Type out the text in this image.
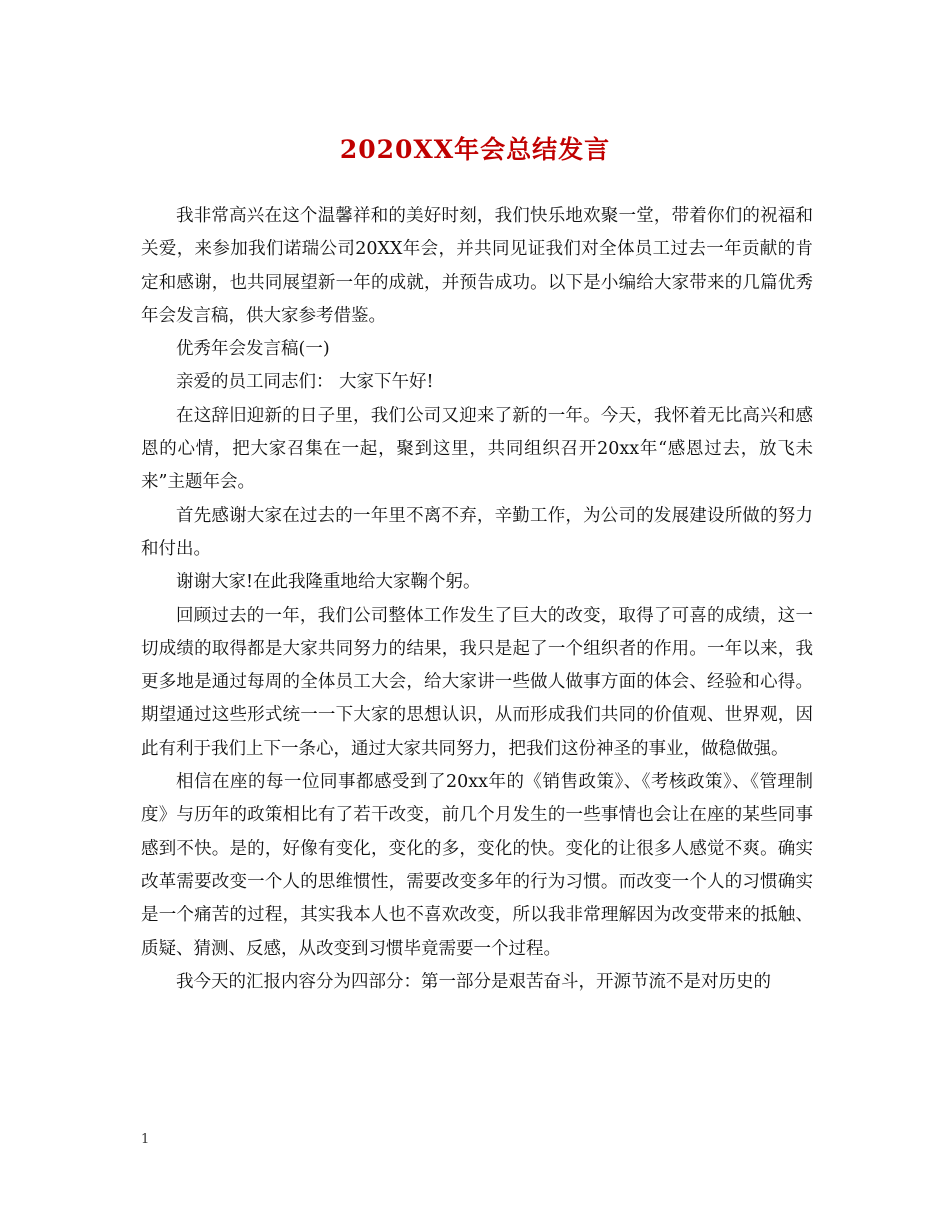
2020XX年会总结发言

我非常高兴在这个温馨祥和的美好时刻，我们快乐地欢聚一堂，带着你们的祝福和关爱，来参加我们诺瑞公司20XX年会，并共同见证我们对全体员工过去一年贡献的肯定和感谢，也共同展望新一年的成就，并预告成功。以下是小编给大家带来的几篇优秀年会发言稿，供大家参考借鉴。

优秀年会发言稿(一)

亲爱的员工同志们： 大家下午好!

在这辞旧迎新的日子里，我们公司又迎来了新的一年。今天，我怀着无比高兴和感恩的心情，把大家召集在一起，聚到这里，共同组织召开20xx年“感恩过去，放飞未来”主题年会。

首先感谢大家在过去的一年里不离不弃，辛勤工作，为公司的发展建设所做的努力和付出。

谢谢大家!在此我隆重地给大家鞠个躬。

回顾过去的一年，我们公司整体工作发生了巨大的改变，取得了可喜的成绩，这一切成绩的取得都是大家共同努力的结果，我只是起了一个组织者的作用。一年以来，我更多地是通过每周的全体员工大会，给大家讲一些做人做事方面的体会、经验和心得。期望通过这些形式统一一下大家的思想认识，从而形成我们共同的价值观、世界观，因此有利于我们上下一条心，通过大家共同努力，把我们这份神圣的事业，做稳做强。

相信在座的每一位同事都感受到了20xx年的《销售政策》、《考核政策》、《管理制度》与历年的政策相比有了若干改变，前几个月发生的一些事情也会让在座的某些同事感到不快。是的，好像有变化，变化的多，变化的快。变化的让很多人感觉不爽。确实改革需要改变一个人的思维惯性，需要改变多年的行为习惯。而改变一个人的习惯确实是一个痛苦的过程，其实我本人也不喜欢改变，所以我非常理解因为改变带来的抵触、质疑、猜测、反感，从改变到习惯毕竟需要一个过程。

我今天的汇报内容分为四部分：第一部分是艰苦奋斗，开源节流不是对历史的

1
